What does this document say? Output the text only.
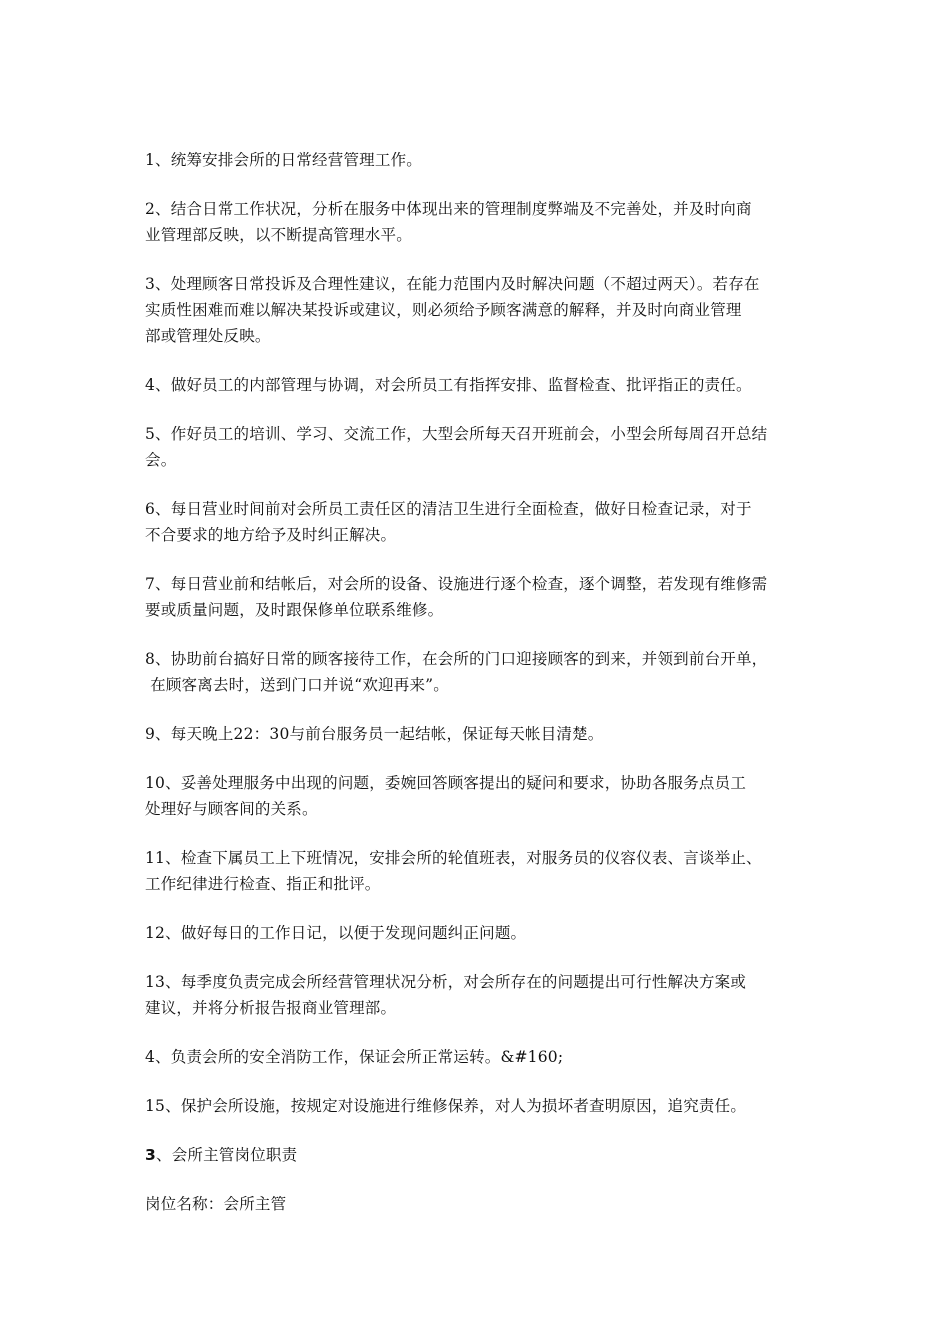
1、统筹安排会所的日常经营管理工作。

2、结合日常工作状况，分析在服务中体现出来的管理制度弊端及不完善处，并及时向商
业管理部反映，以不断提高管理水平。

3、处理顾客日常投诉及合理性建议，在能力范围内及时解决问题（不超过两天）。若存在
实质性困难而难以解决某投诉或建议，则必须给予顾客满意的解释，并及时向商业管理
部或管理处反映。

4、做好员工的内部管理与协调，对会所员工有指挥安排、监督检查、批评指正的责任。

5、作好员工的培训、学习、交流工作，大型会所每天召开班前会，小型会所每周召开总结
会。

6、每日营业时间前对会所员工责任区的清洁卫生进行全面检查，做好日检查记录，对于
不合要求的地方给予及时纠正解决。

7、每日营业前和结帐后，对会所的设备、设施进行逐个检查，逐个调整，若发现有维修需
要或质量问题，及时跟保修单位联系维修。

8、协助前台搞好日常的顾客接待工作，在会所的门口迎接顾客的到来，并领到前台开单，
在顾客离去时，送到门口并说“欢迎再来”。

9、每天晚上22：30与前台服务员一起结帐，保证每天帐目清楚。

10、妥善处理服务中出现的问题，委婉回答顾客提出的疑问和要求，协助各服务点员工
处理好与顾客间的关系。

11、检查下属员工上下班情况，安排会所的轮值班表，对服务员的仪容仪表、言谈举止、
工作纪律进行检查、指正和批评。

12、做好每日的工作日记，以便于发现问题纠正问题。

13、每季度负责完成会所经营管理状况分析，对会所存在的问题提出可行性解决方案或
建议，并将分析报告报商业管理部。

4、负责会所的安全消防工作，保证会所正常运转。&#160;

15、保护会所设施，按规定对设施进行维修保养，对人为损坏者查明原因，追究责任。

3、会所主管岗位职责

岗位名称：会所主管
